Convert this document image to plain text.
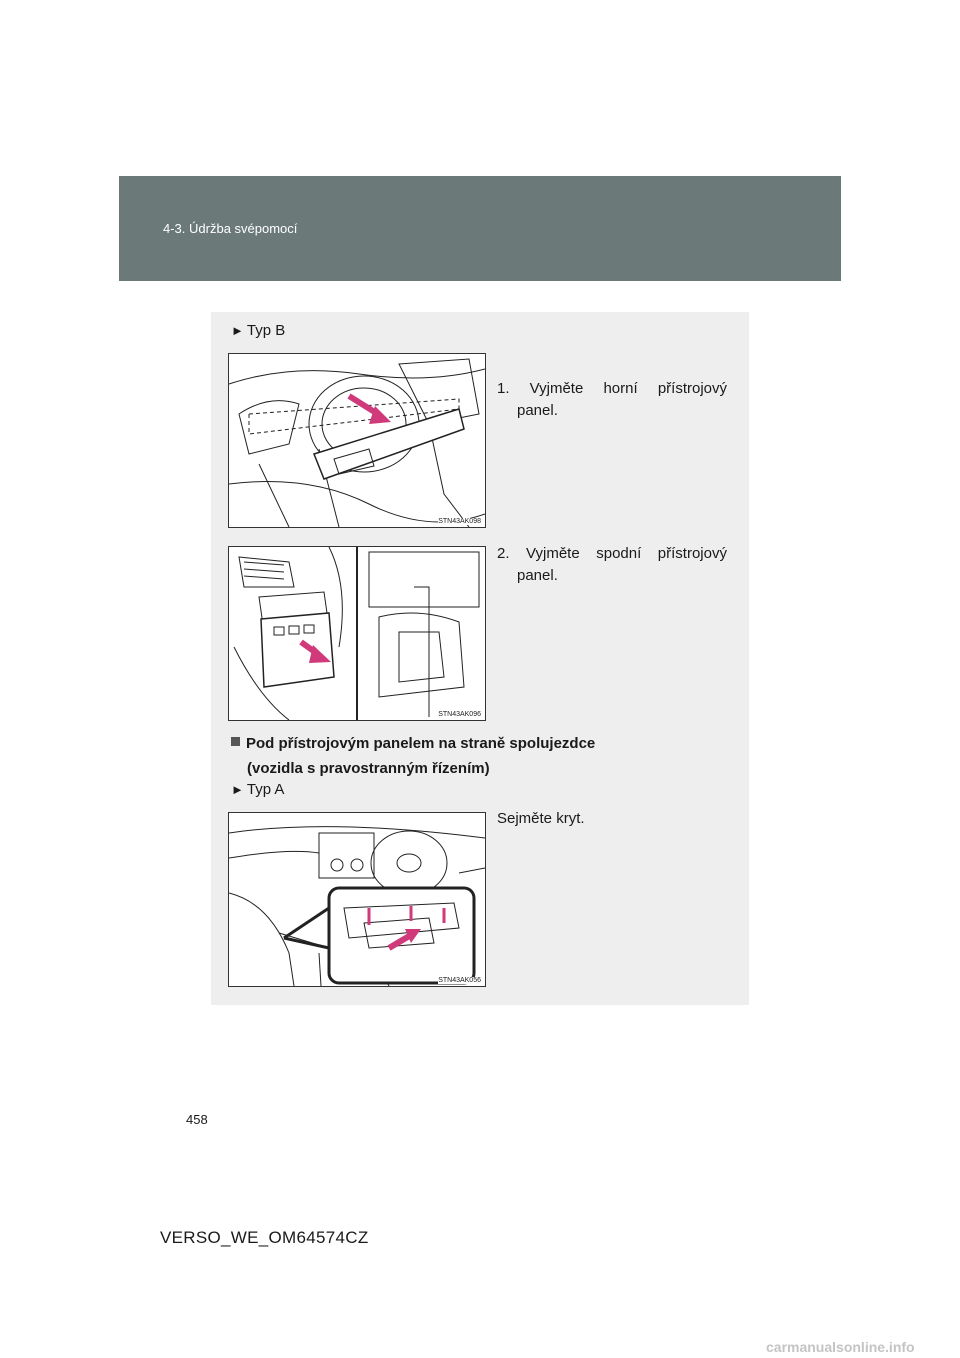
4-3. Údržba svépomocí
► Typ B
STN43AK098
1. Vyjměte horní přístrojový
panel.
STN43AK096
2. Vyjměte spodní přístrojový
panel.
Pod přístrojovým panelem na straně spolujezdce
(vozidla s pravostranným řízením)
► Typ A
STN43AK056
Sejměte kryt.
458
VERSO_WE_OM64574CZ
carmanualsonline.info
